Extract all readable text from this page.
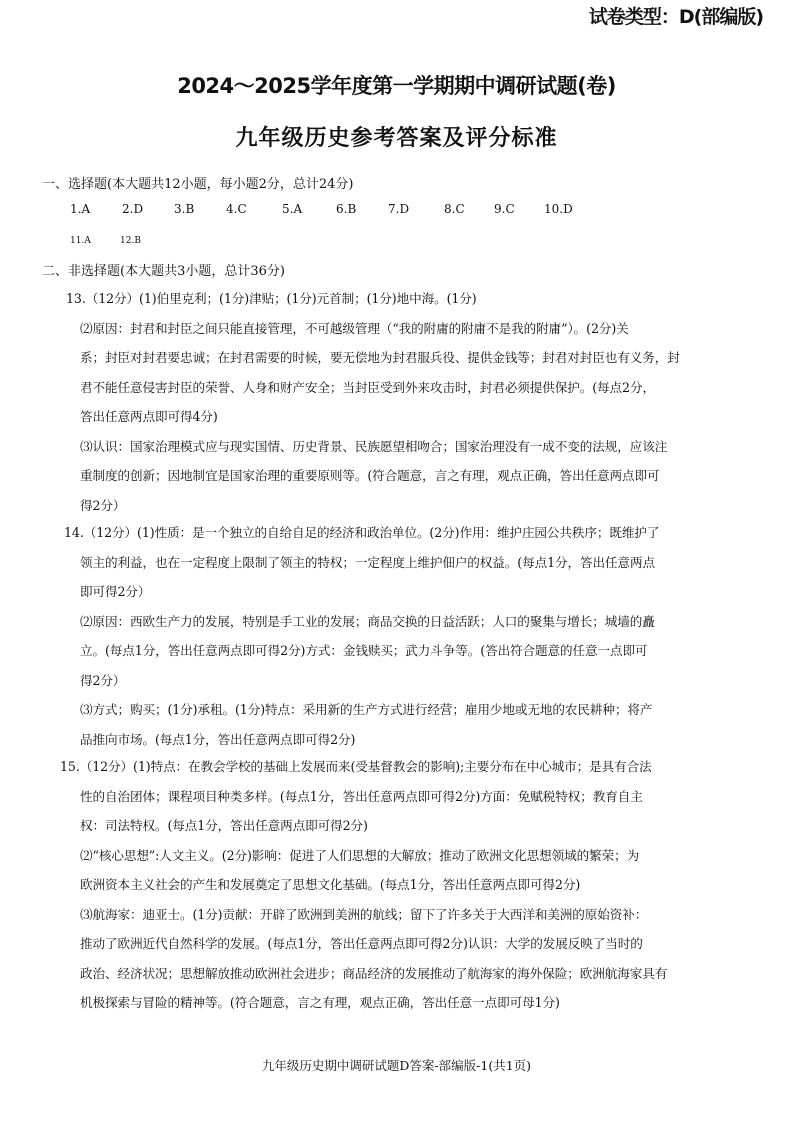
试卷类型：D(部编版)
2024～2025学年度第一学期期中调研试题(卷)
九年级历史参考答案及评分标准
一、选择题(本大题共12小题，每小题2分，总计24分)
1.A	2.D	3.B	4.C	5.A	6.B	7.D	8.C 9.C 10.D
11.A	12.B
二、非选择题(本大题共3小题，总计36分)
13.（12分）(1)伯里克利；(1分)津贴；(1分)元首制；(1分)地中海。(1分)
⑵原因：封君和封臣之间只能直接管理，不可越级管理（“我的附庸的附庸不是我的附庸”）。(2分)关
系；封臣对封君要忠诚；在封君需要的时候，要无偿地为封君服兵役、提供金钱等；封君对封臣也有义务，封
君不能任意侵害封臣的荣誉、人身和财产安全；当封臣受到外来攻击时，封君必须提供保护。(每点2分，
答出任意两点即可得4分)
⑶认识：国家治理模式应与现实国情、历史背景、民族愿望相吻合；国家治理没有一成不变的法规，应该注
重制度的创新；因地制宜是国家治理的重要原则等。(符合题意，言之有理，观点正确，答出任意两点即可
得2分）
14.（12分）(1)性质：是一个独立的自给自足的经济和政治单位。(2分)作用：维护庄园公共秩序；既维护了
领主的利益，也在一定程度上限制了领主的特权；一定程度上维护佃户的权益。(每点1分，答出任意两点
即可得2分）
⑵原因：西欧生产力的发展，特别是手工业的发展；商品交换的日益活跃；人口的聚集与增长；城墙的矗
立。(每点1分，答出任意两点即可得2分)方式：金钱赎买；武力斗争等。(答出符合题意的任意一点即可
得2分）
⑶方式；购买；(1分)承租。(1分)特点：采用新的生产方式进行经营；雇用少地或无地的农民耕种；将产
品推向市场。(每点1分，答出任意两点即可得2分)
15.（12分）(1)特点：在教会学校的基础上发展而来(受基督教会的影响);主要分布在中心城市；是具有合法
性的自治团体；课程项目种类多样。(每点1分，答出任意两点即可得2分)方面：免赋税特权；教育自主
权：司法特权。(每点1分，答出任意两点即可得2分)
⑵“核心思想”:人文主义。(2分)影响：促进了人们思想的大解放；推动了欧洲文化思想领域的繁荣；为
欧洲资本主义社会的产生和发展奠定了思想文化基础。(每点1分，答出任意两点即可得2分)
⑶航海家：迪亚士。(1分)贡献：开辟了欧洲到美洲的航线；留下了许多关于大西洋和美洲的原始资补：
推动了欧洲近代自然科学的发展。(每点1分，答出任意两点即可得2分)认识：大学的发展反映了当时的
政治、经济状况；思想解放推动欧洲社会进步；商品经济的发展推动了航海家的海外保险；欧洲航海家具有
机极探索与冒险的精神等。(符合题意，言之有理，观点正确，答出任意一点即可母1分)
九年级历史期中调研试题D答案-部编版-1(共1页)
